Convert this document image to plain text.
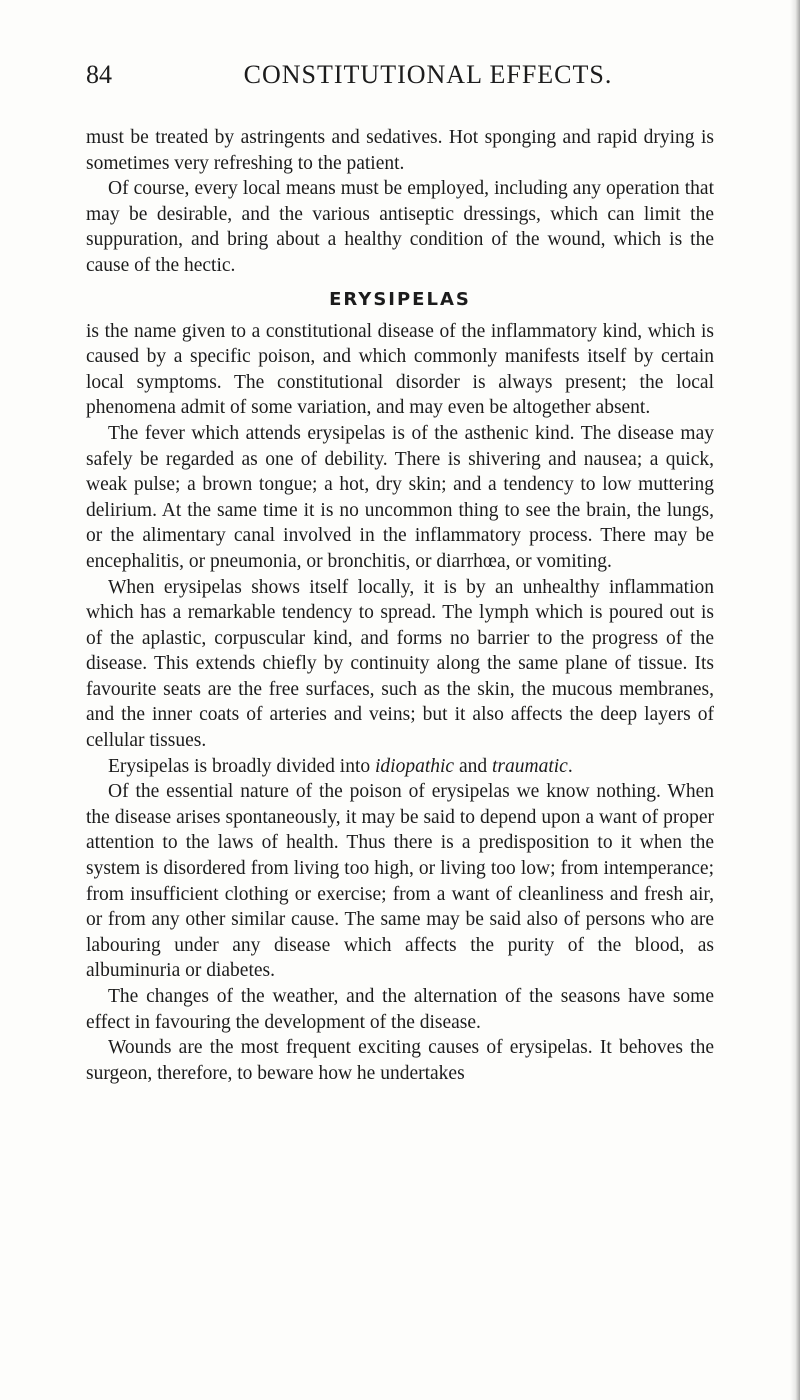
84	CONSTITUTIONAL EFFECTS.

must be treated by astringents and sedatives. Hot sponging and rapid drying is sometimes very refreshing to the patient.

Of course, every local means must be employed, including any operation that may be desirable, and the various antiseptic dressings, which can limit the suppuration, and bring about a healthy condition of the wound, which is the cause of the hectic.

ERYSIPELAS

is the name given to a constitutional disease of the inflammatory kind, which is caused by a specific poison, and which commonly manifests itself by certain local symptoms. The constitutional disorder is always present; the local phenomena admit of some variation, and may even be altogether absent.

The fever which attends erysipelas is of the asthenic kind. The disease may safely be regarded as one of debility. There is shivering and nausea; a quick, weak pulse; a brown tongue; a hot, dry skin; and a tendency to low muttering delirium. At the same time it is no uncommon thing to see the brain, the lungs, or the alimentary canal involved in the inflammatory process. There may be encephalitis, or pneumonia, or bronchitis, or diarrhœa, or vomiting.

When erysipelas shows itself locally, it is by an unhealthy inflammation which has a remarkable tendency to spread. The lymph which is poured out is of the aplastic, corpuscular kind, and forms no barrier to the progress of the disease. This extends chiefly by continuity along the same plane of tissue. Its favourite seats are the free surfaces, such as the skin, the mucous membranes, and the inner coats of arteries and veins; but it also affects the deep layers of cellular tissues.

Erysipelas is broadly divided into idiopathic and traumatic.

Of the essential nature of the poison of erysipelas we know nothing. When the disease arises spontaneously, it may be said to depend upon a want of proper attention to the laws of health. Thus there is a predisposition to it when the system is disordered from living too high, or living too low; from intemperance; from insufficient clothing or exercise; from a want of cleanliness and fresh air, or from any other similar cause. The same may be said also of persons who are labouring under any disease which affects the purity of the blood, as albuminuria or diabetes.

The changes of the weather, and the alternation of the seasons have some effect in favouring the development of the disease.

Wounds are the most frequent exciting causes of erysipelas. It behoves the surgeon, therefore, to beware how he undertakes
